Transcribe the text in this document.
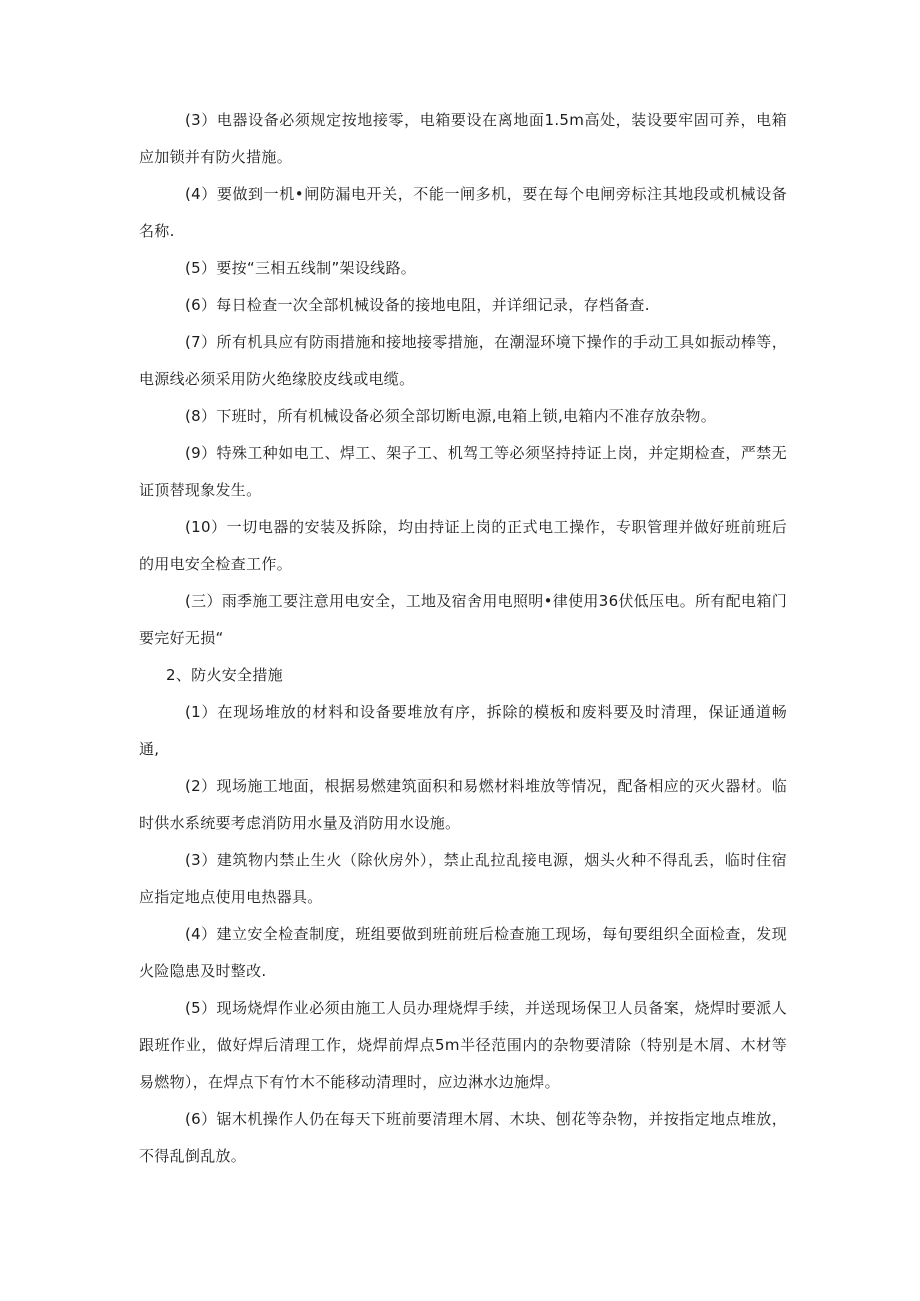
(3）电器设备必须规定按地接零，电箱要设在离地面1.5m高处，装设要牢固可养，电箱应加锁并有防火措施。

(4）要做到一机•闸防漏电开关，不能一闸多机，要在每个电闸旁标注其地段或机械设备名称.

(5）要按“三相五线制”架设线路。

(6）每日检查一次全部机械设备的接地电阻，并详细记录，存档备查.

(7）所有机具应有防雨措施和接地接零措施，在潮湿环境下操作的手动工具如振动棒等，电源线必须采用防火绝缘胶皮线或电缆。

(8）下班时，所有机械设备必须全部切断电源,电箱上锁,电箱内不准存放杂物。

(9）特殊工种如电工、焊工、架子工、机驾工等必须坚持持证上岗，并定期检查，严禁无证顶替现象发生。

(10）一切电器的安装及拆除，均由持证上岗的正式电工操作，专职管理并做好班前班后的用电安全检查工作。

(三）雨季施工要注意用电安全，工地及宿舍用电照明•律使用36伏低压电。所有配电箱门要完好无损“

2、防火安全措施

(1）在现场堆放的材料和设备要堆放有序，拆除的模板和废料要及时清理，保证通道畅通,

(2）现场施工地面，根据易燃建筑面积和易燃材料堆放等情况，配备相应的灭火器材。临时供水系统要考虑消防用水量及消防用水设施。

(3）建筑物内禁止生火（除伙房外），禁止乱拉乱接电源，烟头火种不得乱丢，临时住宿应指定地点使用电热器具。

(4）建立安全检查制度，班组要做到班前班后检查施工现场，每旬要组织全面检查，发现火险隐患及时整改.

(5）现场烧焊作业必须由施工人员办理烧焊手续，并送现场保卫人员备案，烧焊时要派人跟班作业，做好焊后清理工作，烧焊前焊点5m半径范围内的杂物要清除（特别是木屑、木材等易燃物），在焊点下有竹木不能移动清理时，应边淋水边施焊。

(6）锯木机操作人仍在每天下班前要清理木屑、木块、刨花等杂物，并按指定地点堆放，不得乱倒乱放。
